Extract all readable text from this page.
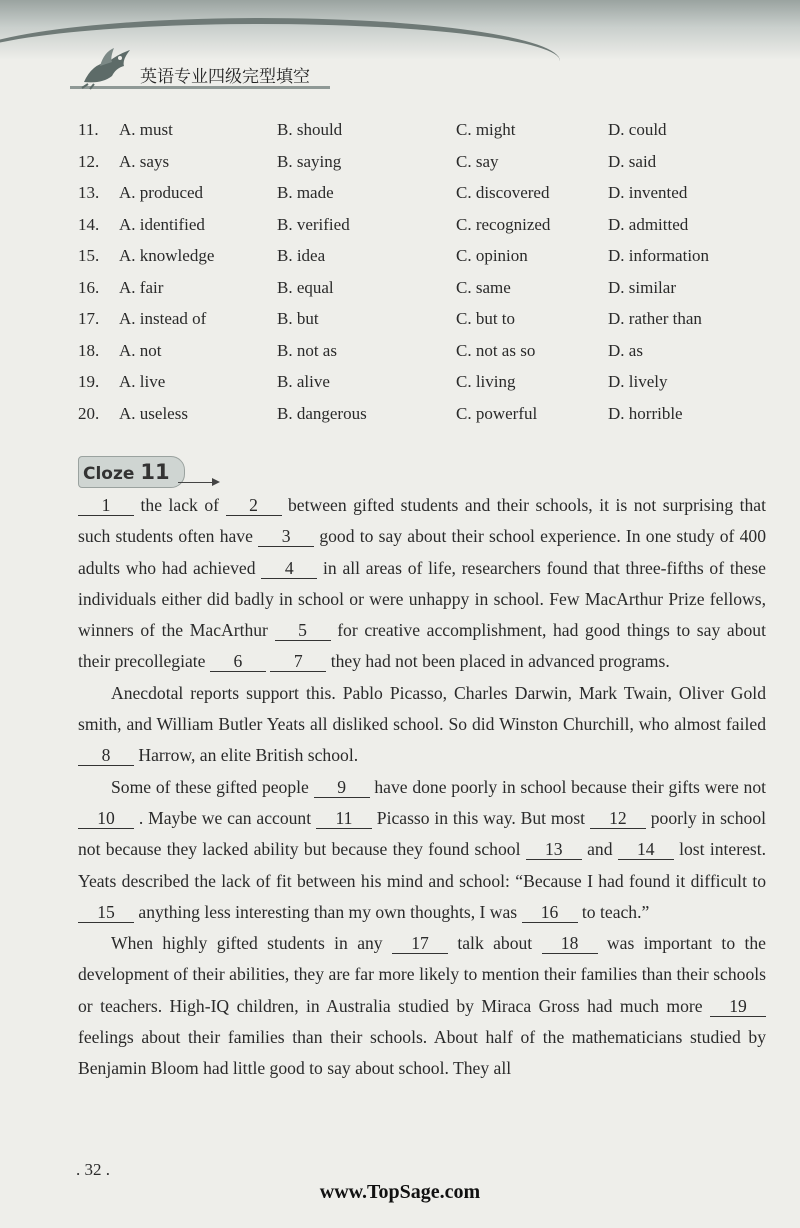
英语专业四级完型填空
11. A. must	B. should	C. might	D. could
12. A. says	B. saying	C. say	D. said
13. A. produced	B. made	C. discovered	D. invented
14. A. identified	B. verified	C. recognized	D. admitted
15. A. knowledge	B. idea	C. opinion	D. information
16. A. fair	B. equal	C. same	D. similar
17. A. instead of	B. but	C. but to	D. rather than
18. A. not	B. not as	C. not as so	D. as
19. A. live	B. alive	C. living	D. lively
20. A. useless	B. dangerous	C. powerful	D. horrible
Cloze 11

1 the lack of 2 between gifted students and their schools, it is not surprising that such students often have 3 good to say about their school experience. In one study of 400 adults who had achieved 4 in all areas of life, researchers found that three-fifths of these individuals either did badly in school or were unhappy in school. Few MacArthur Prize fellows, winners of the MacArthur 5 for creative accomplishment, had good things to say about their precollegiate 6	7 they had not been placed in advanced programs.

Anecdotal reports support this. Pablo Picasso, Charles Darwin, Mark Twain, Oliver Gold smith, and William Butler Yeats all disliked school. So did Winston Churchill, who almost failed 8 Harrow, an elite British school.

Some of these gifted people 9 have done poorly in school because their gifts were not 10 . Maybe we can account 11 Picasso in this way. But most 12 poorly in school not because they lacked ability but because they found school 13 and 14 lost interest. Yeats described the lack of fit between his mind and school: “Because I had found it difficult to 15 anything less interesting than my own thoughts, I was 16 to teach.”

When highly gifted students in any 17 talk about 18 was important to the development of their abilities, they are far more likely to mention their families than their schools or teachers. High-IQ children, in Australia studied by Miraca Gross had much more 19 feelings about their families than their schools. About half of the mathematicians studied by Benjamin Bloom had little good to say about school. They all

. 32 .
www.TopSage.com
